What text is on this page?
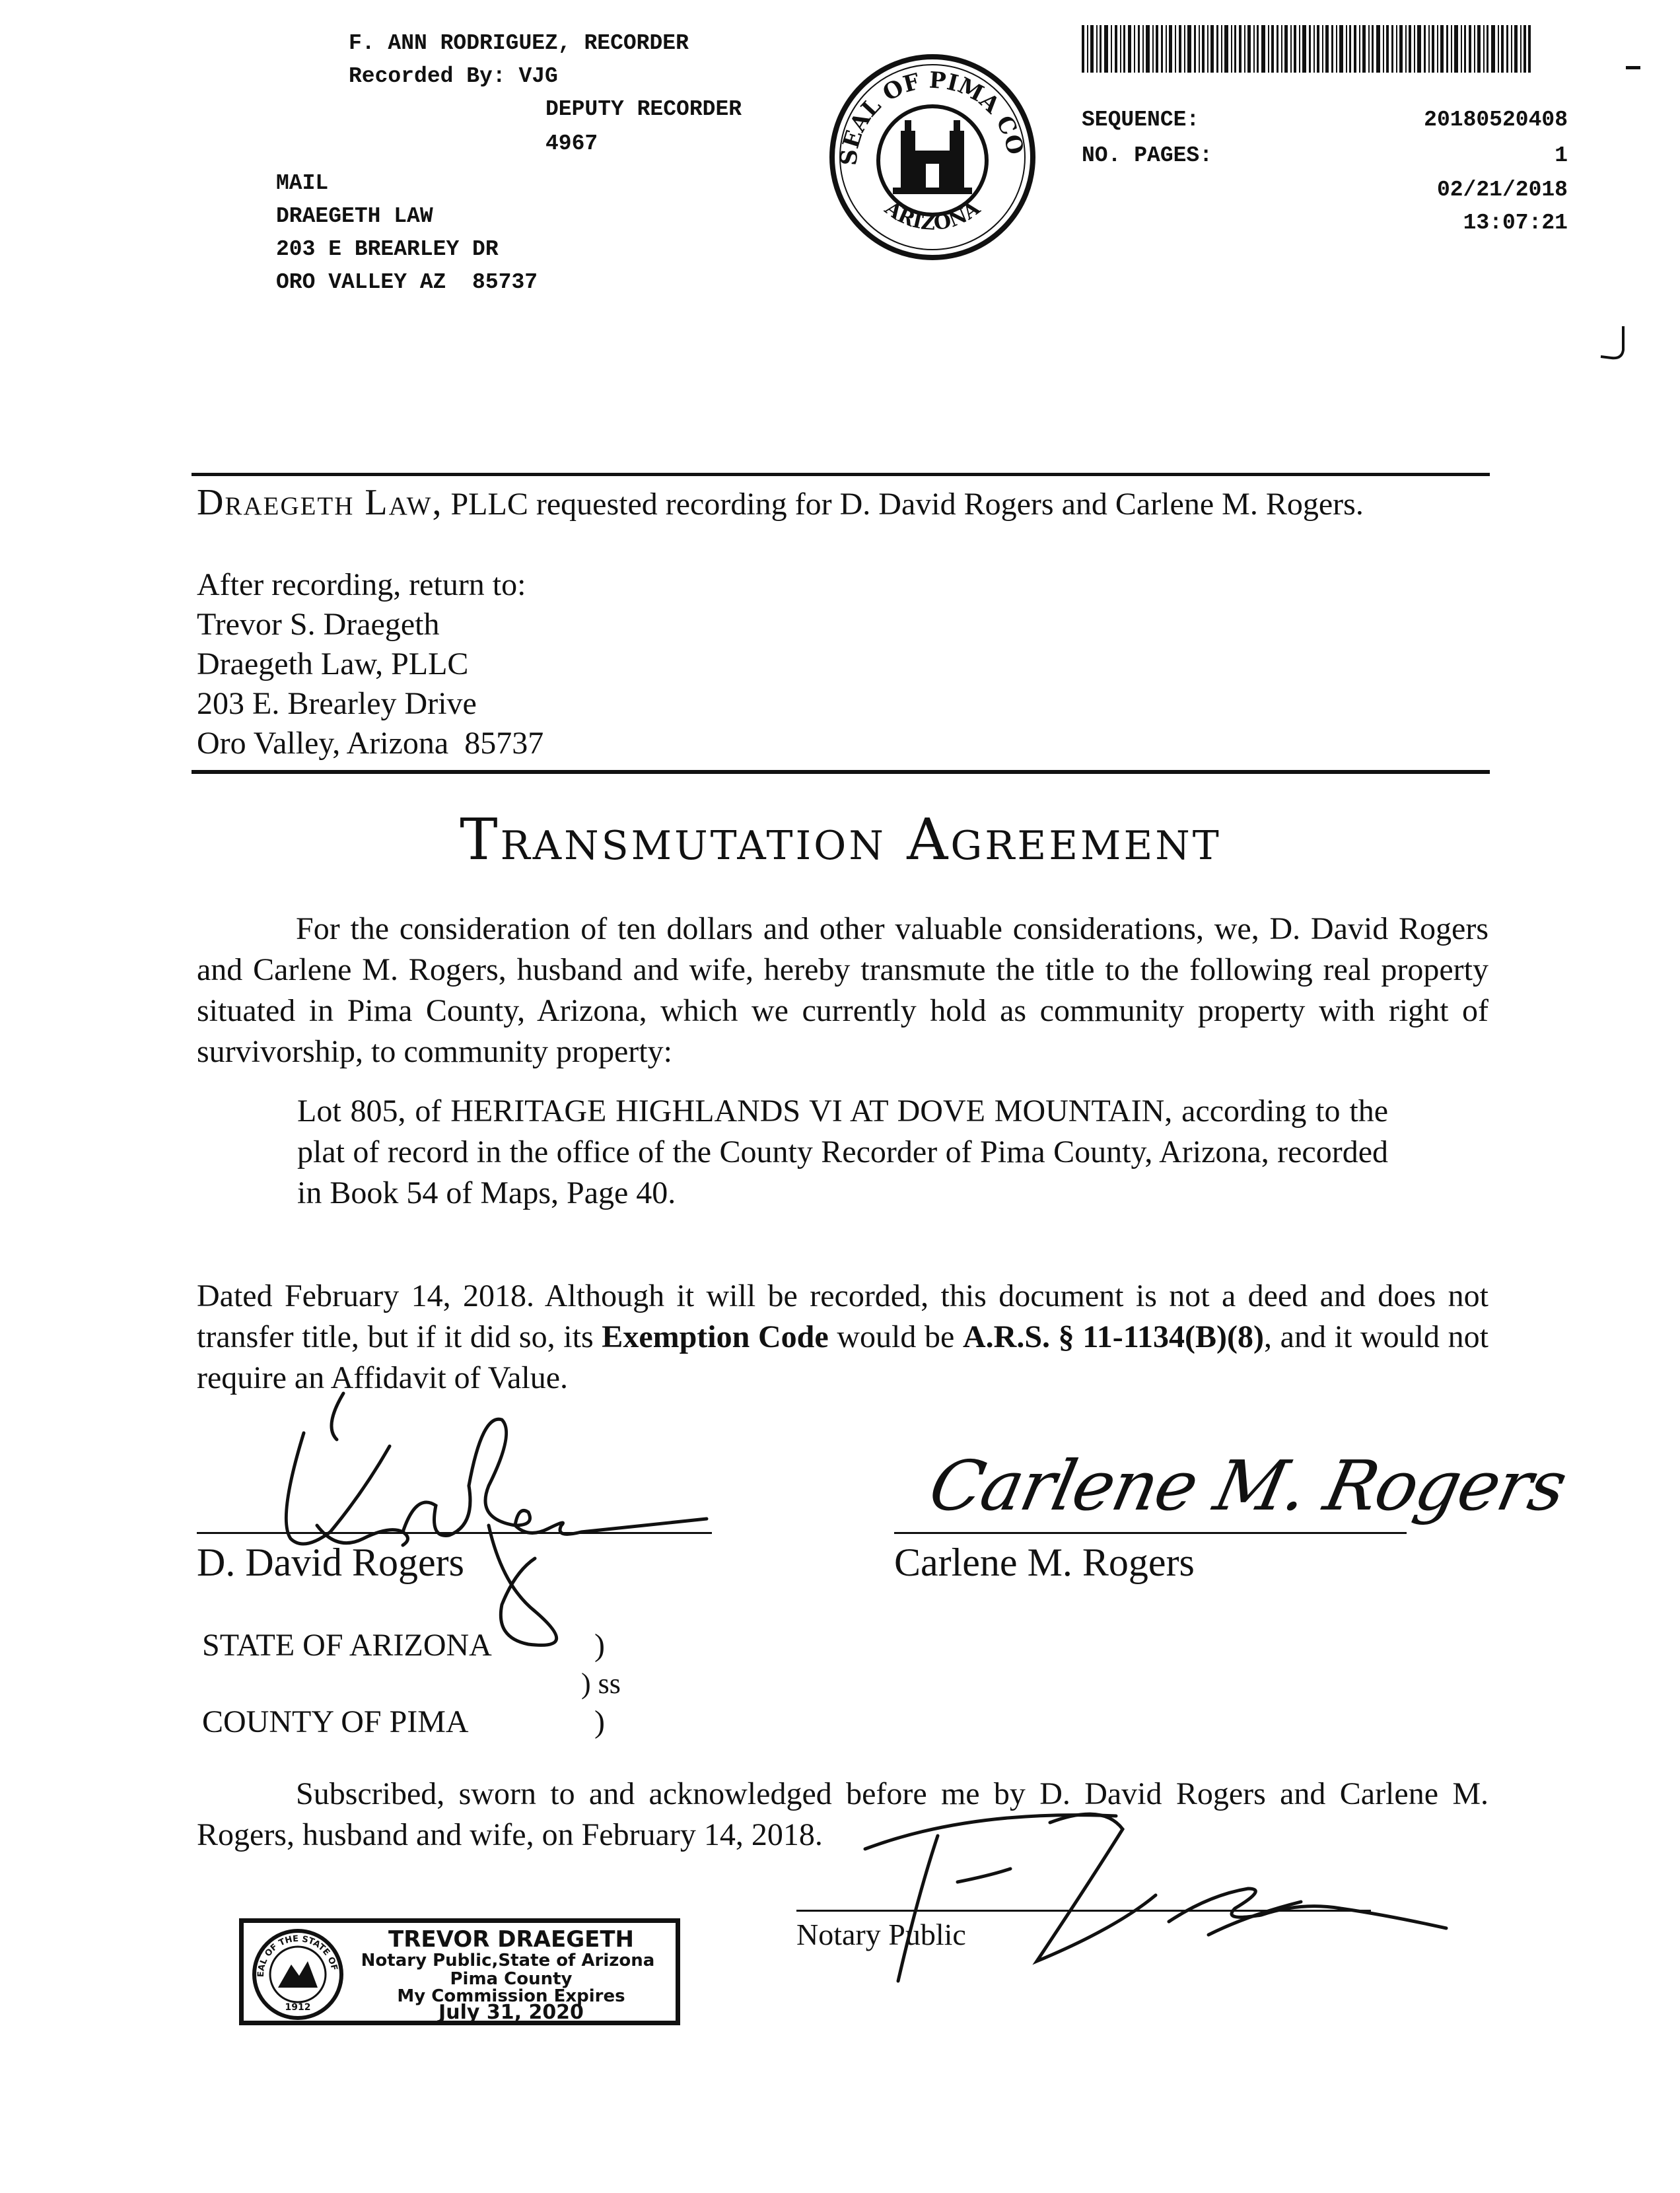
F. ANN RODRIGUEZ, RECORDER
Recorded By: VJG
DEPUTY RECORDER
4967
MAIL
DRAEGETH LAW
203 E BREARLEY DR
ORO VALLEY AZ  85737
SEAL OF PIMA CO
ARIZONA
SEQUENCE:	20180520408
NO. PAGES:	1
02/21/2018
13:07:21
Draegeth Law, PLLC requested recording for D. David Rogers and Carlene M. Rogers.
After recording, return to:
Trevor S. Draegeth
Draegeth Law, PLLC
203 E. Brearley Drive
Oro Valley, Arizona  85737
Transmutation Agreement
For the consideration of ten dollars and other valuable considerations, we, D. David Rogers and Carlene M. Rogers, husband and wife, hereby transmute the title to the following real property situated in Pima County, Arizona, which we currently hold as community property with right of survivorship, to community property:
Lot 805, of HERITAGE HIGHLANDS VI AT DOVE MOUNTAIN, according to the plat of record in the office of the County Recorder of Pima County, Arizona, recorded in Book 54 of Maps, Page 40.
Dated February 14, 2018. Although it will be recorded, this document is not a deed and does not transfer title, but if it did so, its Exemption Code would be A.R.S. § 11-1134(B)(8), and it would not require an Affidavit of Value.
D. David Rogers	Carlene M. Rogers
Carlene M. Rogers
STATE OF ARIZONA	)
) ss
COUNTY OF PIMA	)
Subscribed, sworn to and acknowledged before me by D. David Rogers and Carlene M. Rogers, husband and wife, on February 14, 2018.
Notary Public
EAL OF THE STATE OF
1912
TREVOR DRAEGETH
Notary Public,State of Arizona
Pima County
My Commission Expires
July 31, 2020
